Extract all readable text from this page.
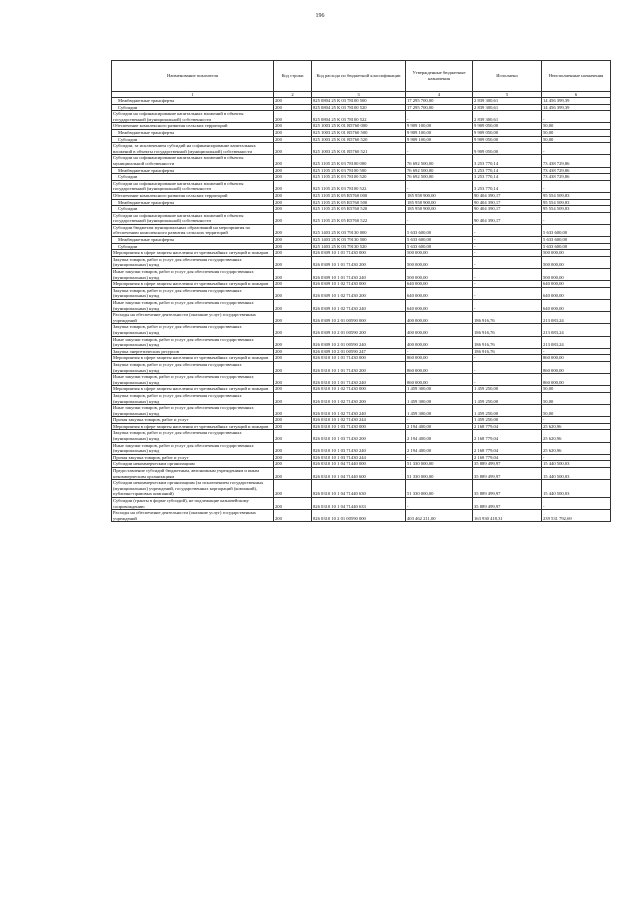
196
Наименование показателя	Код строки	Код расхода по бюджетной классификации	Утвержденные бюджетные назначения	Исполнено	Неисполненные назначения
1	2	3	4	5	6
Межбюджетные трансферты	200	825 0804 25 К 03 78100 500	17 295 700,00	2 839 300,61	14 456 399,39
Субсидии	200	825 0804 25 К 03 78100 520	17 295 700,00	2 839 300,61	14 456 399,39
Субсидии на софинансирование капитальных вложений в объекты государственной (муниципальной) собственности	200	825 0804 25 К 03 78100 522	-	2 839 300,61	-
Обеспечение комплексного развития сельских территорий	200	825 1003 25 К 01 R5760 000	9 909 100,00	9 909 050,00	50,00
Межбюджетные трансферты	200	825 1003 25 К 01 R5760 500	9 909 100,00	9 909 050,00	50,00
Субсидии	200	825 1003 25 К 01 R5760 520	9 909 100,00	9 909 050,00	50,00
Субсидии, за исключением субсидий на софинансирование капитальных вложений в объекты государственной (муниципальной) собственности	200	825 1003 25 К 01 R5760 521	-	9 909 050,00	-
Субсидии на софинансирование капитальных вложений в объекты муниципальной собственности	200	825 1105 25 К 03 78100 000	76 692 500,00	3 253 770,14	73 438 729,86
Межбюджетные трансферты	200	825 1105 25 К 03 78100 500	76 692 500,00	3 253 770,14	73 438 729,86
Субсидии	200	825 1105 25 К 03 78100 520	76 692 500,00	3 253 770,14	73 438 729,86
Субсидии на софинансирование капитальных вложений в объекты государственной (муниципальной) собственности	200	825 1105 25 К 03 78100 522	-	3 253 770,14	-
Обеспечение комплексного развития сельских территорий	200	825 1105 25 К 05 R5760 000	185 958 900,00	90 404 390,17	95 554 509,83
Межбюджетные трансферты	200	825 1105 25 К 05 R5760 500	185 958 900,00	90 404 390,17	95 554 509,83
Субсидии	200	825 1105 25 К 05 R5760 520	185 958 900,00	90 404 390,17	95 554 509,83
Субсидии на софинансирование капитальных вложений в объекты государственной (муниципальной) собственности	200	825 1105 25 К 05 R5760 522	-	90 404 390,17	-
Субсидии бюджетам муниципальных образований на мероприятия по обеспечению комплексного развития сельских территорий	200	825 1403 25 К 03 79130 000	5 633 600,00	-	5 633 600,00
Межбюджетные трансферты	200	825 1403 25 К 03 79130 500	5 633 600,00	-	5 633 600,00
Субсидии	200	825 1403 25 К 03 79130 520	5 633 600,00	-	5 633 600,00
Мероприятия в сфере защиты населения от чрезвычайных ситуаций и пожаров	200	826 0309 10 1 01 71430 000	500 000,00	-	500 000,00
Закупка товаров, работ и услуг для обеспечения государственных (муниципальных) нужд	200	826 0309 10 1 01 71430 200	500 000,00	-	500 000,00
Иные закупки товаров, работ и услуг для обеспечения государственных (муниципальных) нужд	200	826 0309 10 1 01 71430 240	500 000,00	-	500 000,00
Мероприятия в сфере защиты населения от чрезвычайных ситуаций и пожаров	200	826 0309 10 1 02 71430 000	640 000,00	-	640 000,00
Закупка товаров, работ и услуг для обеспечения государственных (муниципальных) нужд	200	826 0309 10 1 02 71430 200	640 000,00	-	640 000,00
Иные закупки товаров, работ и услуг для обеспечения государственных (муниципальных) нужд	200	826 0309 10 1 02 71430 240	640 000,00	-	640 000,00
Расходы на обеспечение деятельности (оказание услуг) государственных учреждений	200	826 0309 10 2 01 00590 000	400 000,00	186 916,76	213 083,24
Закупка товаров, работ и услуг для обеспечения государственных (муниципальных) нужд	200	826 0309 10 2 01 00590 200	400 000,00	186 916,76	213 083,24
Иные закупки товаров, работ и услуг для обеспечения государственных (муниципальных) нужд	200	826 0309 10 2 01 00590 240	400 000,00	186 916,76	213 083,24
Закупка энергетических ресурсов	200	826 0309 10 2 01 00590 247	-	186 916,76	-
Мероприятия в сфере защиты населения от чрезвычайных ситуаций и пожаров	200	826 0310 10 1 01 71430 000	860 000,00	-	860 000,00
Закупка товаров, работ и услуг для обеспечения государственных (муниципальных) нужд	200	826 0310 10 1 01 71430 200	860 000,00	-	860 000,00
Иные закупки товаров, работ и услуг для обеспечения государственных (муниципальных) нужд	200	826 0310 10 1 01 71430 240	860 000,00	-	860 000,00
Мероприятия в сфере защиты населения от чрезвычайных ситуаций и пожаров	200	826 0310 10 1 02 71430 000	1 459 300,00	1 459 250,00	50,00
Закупка товаров, работ и услуг для обеспечения государственных (муниципальных) нужд	200	826 0310 10 1 02 71430 200	1 459 300,00	1 459 250,00	50,00
Иные закупки товаров, работ и услуг для обеспечения государственных (муниципальных) нужд	200	826 0310 10 1 02 71430 240	1 459 300,00	1 459 250,00	50,00
Прочая закупка товаров, работ и услуг	200	826 0310 10 1 02 71430 244	-	1 459 250,00	-
Мероприятия в сфере защиты населения от чрезвычайных ситуаций и пожаров	200	826 0310 10 1 03 71430 000	2 194 400,00	2 168 779,04	25 620,96
Закупка товаров, работ и услуг для обеспечения государственных (муниципальных) нужд	200	826 0310 10 1 03 71430 200	2 194 400,00	2 168 779,04	25 620,96
Иные закупки товаров, работ и услуг для обеспечения государственных (муниципальных) нужд	200	826 0310 10 1 03 71430 240	2 194 400,00	2 168 779,04	25 620,96
Прочая закупка товаров, работ и услуг	200	826 0310 10 1 03 71430 244	-	2 168 779,04	-
Субсидии некоммерческим организациям	200	826 0310 10 1 04 71440 000	51 330 000,00	35 889 499,97	15 440 500,03
Предоставление субсидий бюджетным, автономным учреждениям и иным некоммерческим организациям	200	826 0310 10 1 04 71440 600	51 330 000,00	35 889 499,97	15 440 500,03
Субсидии некоммерческим организациям (за исключением государственных (муниципальных) учреждений, государственных корпораций (компаний), публично-правовых компаний)	200	826 0310 10 1 04 71440 630	51 330 000,00	35 889 499,97	15 440 500,03
Субсидии (гранты в форме субсидий), не подлежащие казначейскому сопровождению	200	826 0310 10 1 04 71440 633	-	35 889 499,97	-
Расходы на обеспечение деятельности (оказание услуг) государственных учреждений	200	826 0310 10 2 01 00590 000	403 462 211,00	163 930 418,31	239 531 792,69
